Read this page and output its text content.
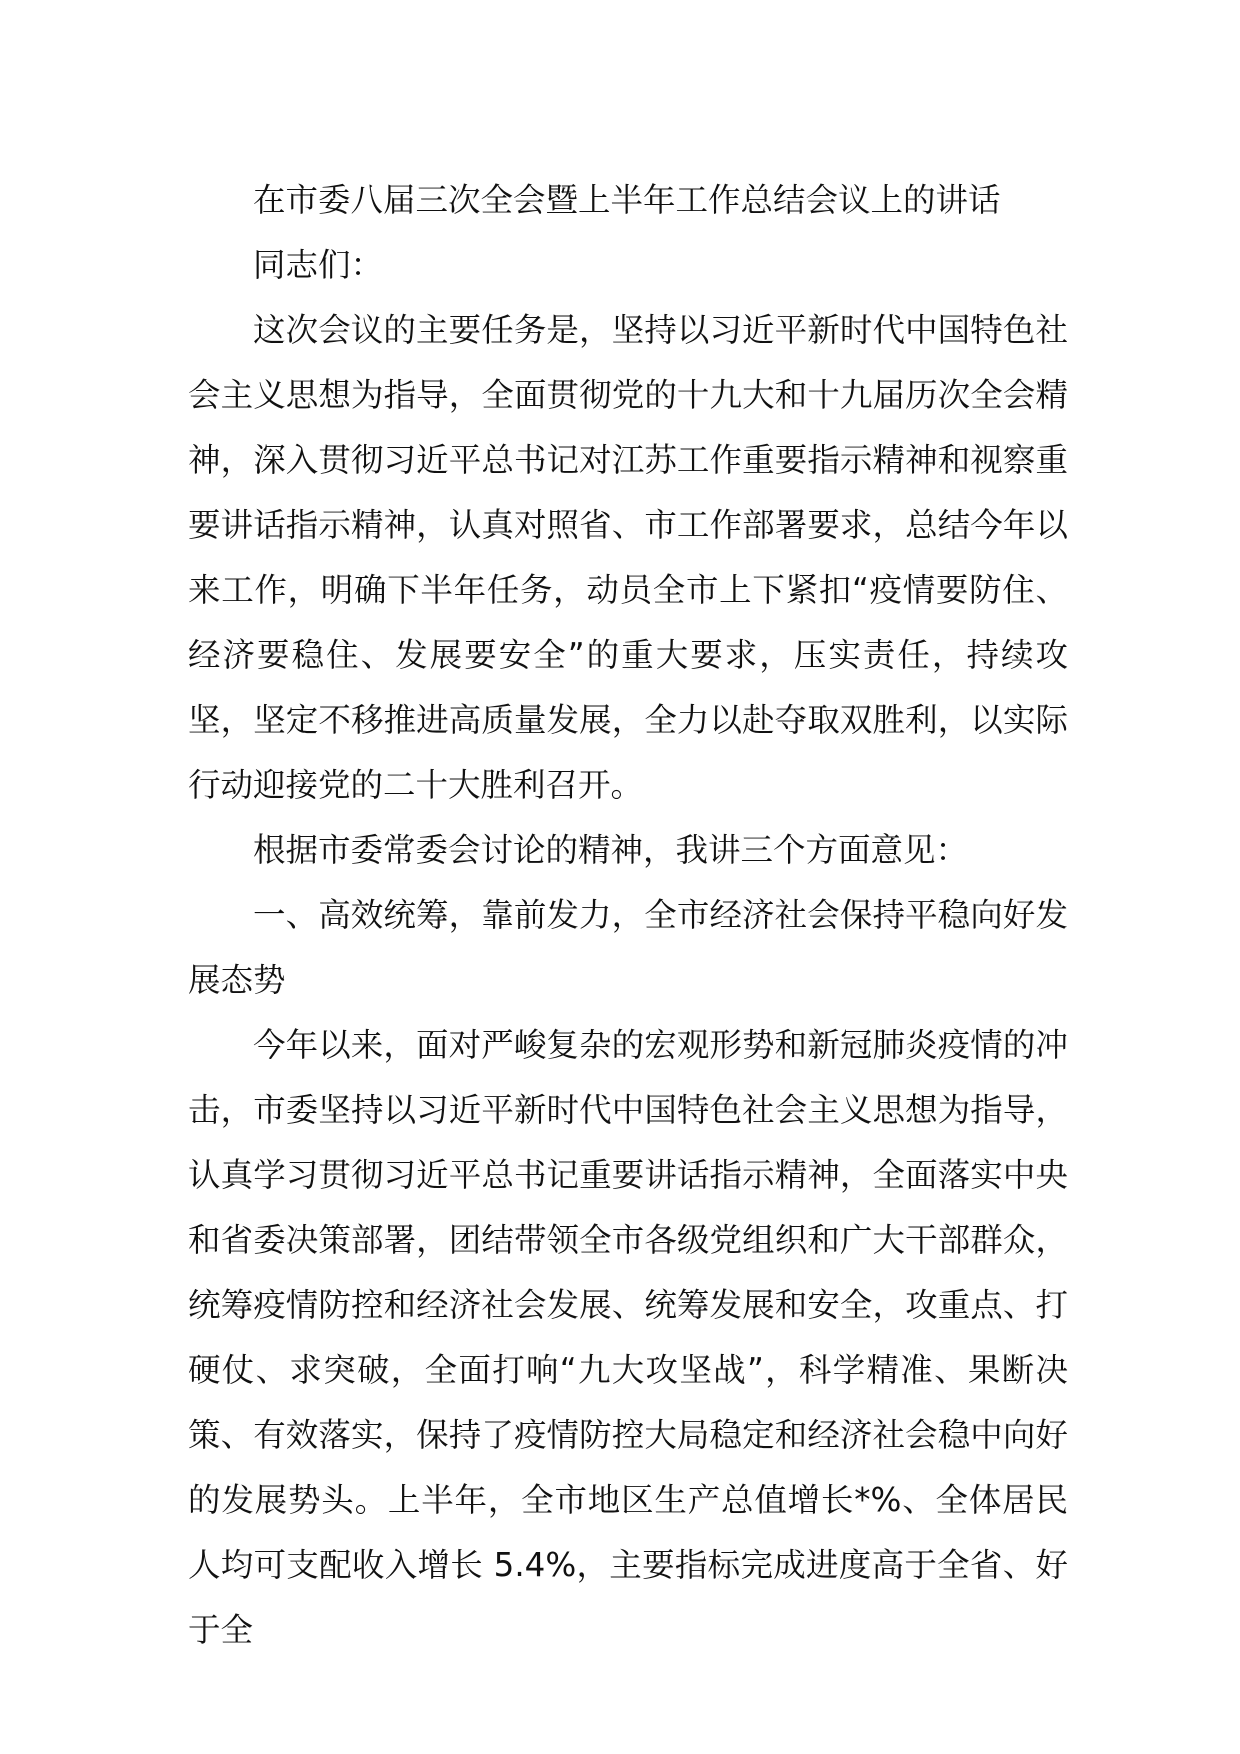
在市委八届三次全会暨上半年工作总结会议上的讲话

同志们：

这次会议的主要任务是，坚持以习近平新时代中国特色社会主义思想为指导，全面贯彻党的十九大和十九届历次全会精神，深入贯彻习近平总书记对江苏工作重要指示精神和视察重要讲话指示精神，认真对照省、市工作部署要求，总结今年以来工作，明确下半年任务，动员全市上下紧扣“疫情要防住、经济要稳住、发展要安全”的重大要求，压实责任，持续攻坚，坚定不移推进高质量发展，全力以赴夺取双胜利，以实际行动迎接党的二十大胜利召开。

根据市委常委会讨论的精神，我讲三个方面意见：

一、高效统筹，靠前发力，全市经济社会保持平稳向好发展态势

今年以来，面对严峻复杂的宏观形势和新冠肺炎疫情的冲击，市委坚持以习近平新时代中国特色社会主义思想为指导，认真学习贯彻习近平总书记重要讲话指示精神，全面落实中央和省委决策部署，团结带领全市各级党组织和广大干部群众，统筹疫情防控和经济社会发展、统筹发展和安全，攻重点、打硬仗、求突破，全面打响“九大攻坚战”，科学精准、果断决策、有效落实，保持了疫情防控大局稳定和经济社会稳中向好的发展势头。上半年，全市地区生产总值增长*%、全体居民人均可支配收入增长 5.4%，主要指标完成进度高于全省、好于全
